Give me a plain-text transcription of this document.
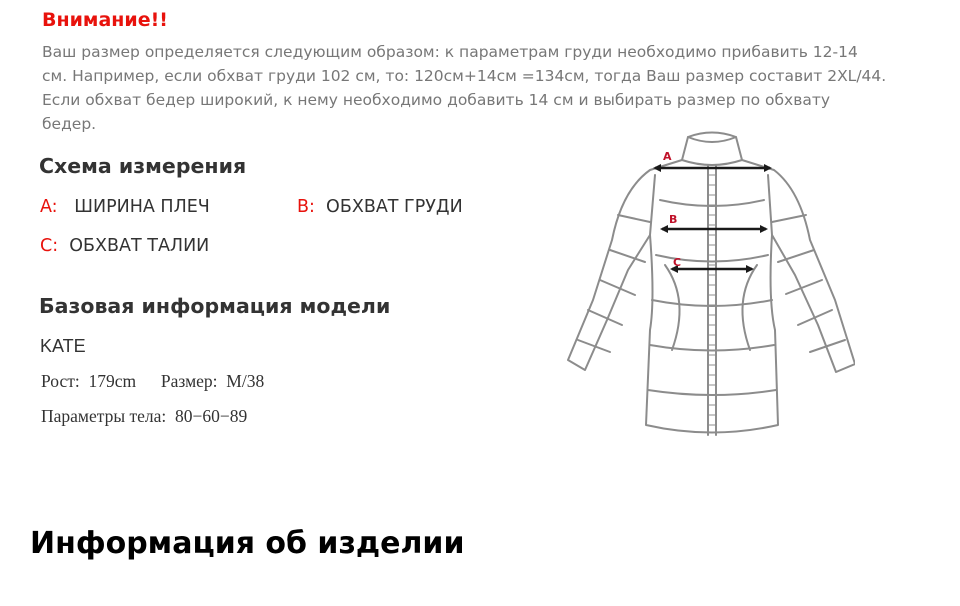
Внимание!!
Ваш размер определяется следующим образом: к параметрам груди необходимо прибавить 12-14
см. Например, если обхват груди 102 см, то: 120см+14см =134см, тогда Ваш размер составит 2XL/44.
Если обхват бедер широкий, к нему необходимо добавить 14 см и выбирать размер по обхвату
бедер.
Схема измерения
A: ШИРИНА ПЛЕЧ	B: ОБХВАТ ГРУДИ
C: ОБХВАТ ТАЛИИ
Базовая информация модели
KATE
Рост: 179cm Размер: M/38
Параметры тела: 80−60−89
A
B
C
Информация об изделии
